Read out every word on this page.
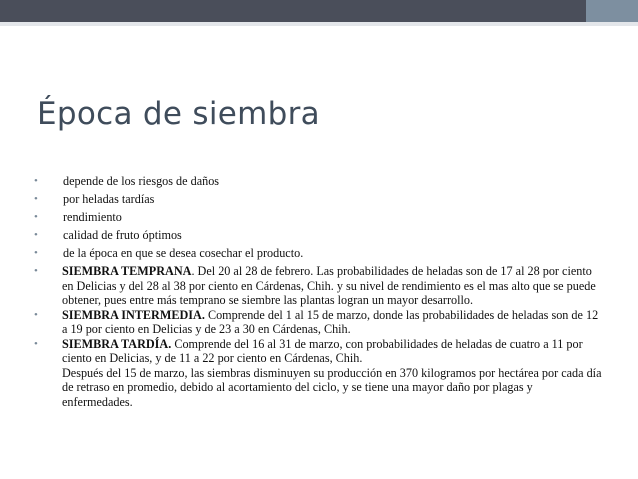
Época de siembra
• depende de los riesgos de daños
• por heladas tardías
• rendimiento
• calidad de fruto óptimos
• de la época en que se desea cosechar el producto.
• SIEMBRA TEMPRANA. Del 20 al 28 de febrero. Las probabilidades de heladas son de 17 al 28 por ciento en Delicias y del 28 al 38 por ciento en Cárdenas, Chih. y su nivel de rendimiento es el mas alto que se puede obtener, pues entre más temprano se siembre las plantas logran un mayor desarrollo.
• SIEMBRA INTERMEDIA. Comprende del 1 al 15 de marzo, donde las probabilidades de heladas son de 12 a 19 por ciento en Delicias y de 23 a 30 en Cárdenas, Chih.
• SIEMBRA TARDÍA. Comprende del 16 al 31 de marzo, con probabilidades de heladas de cuatro a 11 por ciento en Delicias, y de 11 a 22 por ciento en Cárdenas, Chih.
Después del 15 de marzo, las siembras disminuyen su producción en 370 kilogramos por hectárea por cada día de retraso en promedio, debido al acortamiento del ciclo, y se tiene una mayor daño por plagas y enfermedades.
